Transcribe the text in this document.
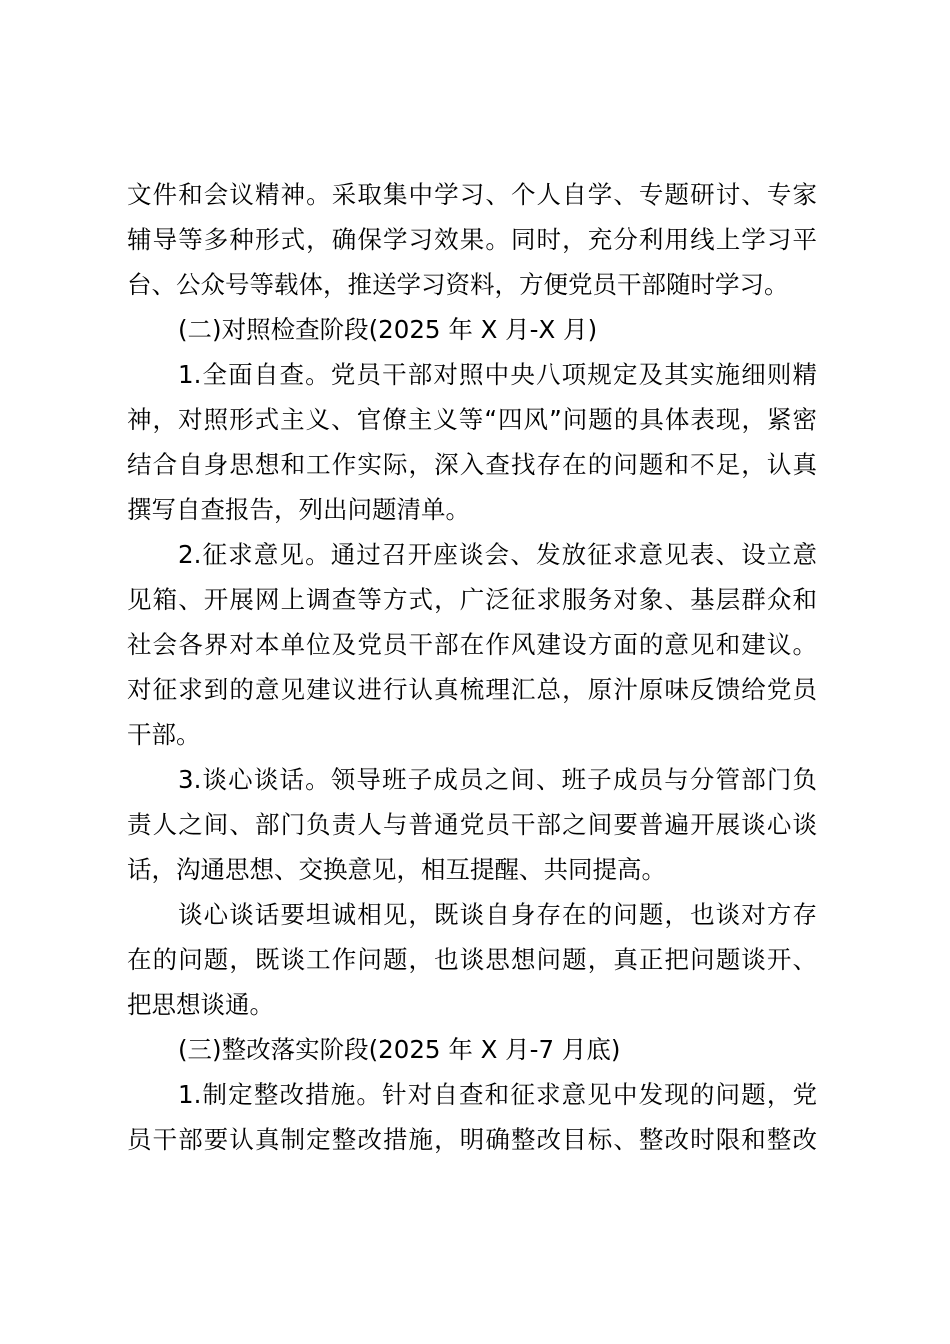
文件和会议精神。采取集中学习、个人自学、专题研讨、专家
辅导等多种形式，确保学习效果。同时，充分利用线上学习平
台、公众号等载体，推送学习资料，方便党员干部随时学习。
(二)对照检查阶段(2025 年 X 月-X 月)
1.全面自查。党员干部对照中央八项规定及其实施细则精
神，对照形式主义、官僚主义等“四风”问题的具体表现，紧密
结合自身思想和工作实际，深入查找存在的问题和不足，认真
撰写自查报告，列出问题清单。
2.征求意见。通过召开座谈会、发放征求意见表、设立意
见箱、开展网上调查等方式，广泛征求服务对象、基层群众和
社会各界对本单位及党员干部在作风建设方面的意见和建议。
对征求到的意见建议进行认真梳理汇总，原汁原味反馈给党员
干部。
3.谈心谈话。领导班子成员之间、班子成员与分管部门负
责人之间、部门负责人与普通党员干部之间要普遍开展谈心谈
话，沟通思想、交换意见，相互提醒、共同提高。
谈心谈话要坦诚相见，既谈自身存在的问题，也谈对方存
在的问题，既谈工作问题，也谈思想问题，真正把问题谈开、
把思想谈通。
(三)整改落实阶段(2025 年 X 月-7 月底)
1.制定整改措施。针对自查和征求意见中发现的问题，党
员干部要认真制定整改措施，明确整改目标、整改时限和整改
